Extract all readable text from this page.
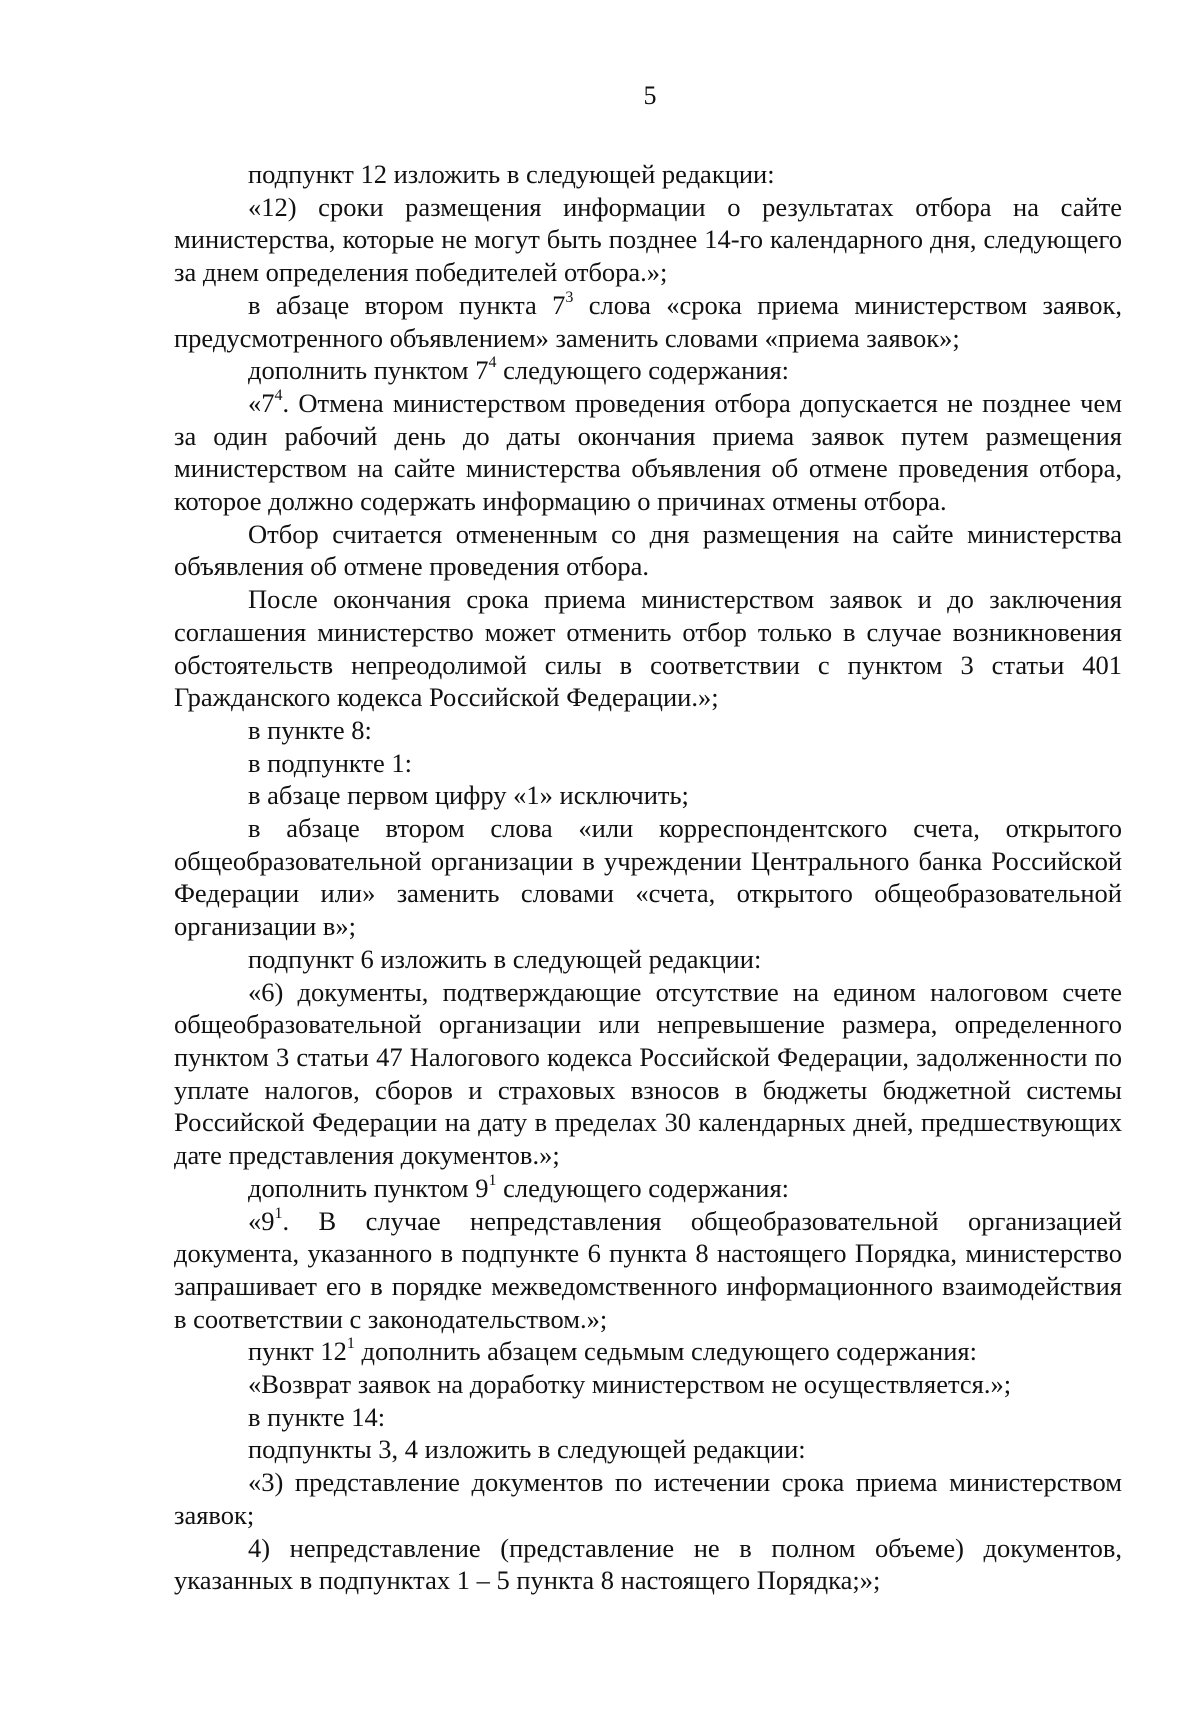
5

подпункт 12 изложить в следующей редакции:

«12) сроки размещения информации о результатах отбора на сайте министерства, которые не могут быть позднее 14-го календарного дня, следующего за днем определения победителей отбора.»;

в абзаце втором пункта $7^3$ слова «срока приема министерством заявок, предусмотренного объявлением» заменить словами «приема заявок»;

дополнить пунктом $7^4$ следующего содержания:

«$7^4$. Отмена министерством проведения отбора допускается не позднее чем за один рабочий день до даты окончания приема заявок путем размещения министерством на сайте министерства объявления об отмене проведения отбора, которое должно содержать информацию о причинах отмены отбора.

Отбор считается отмененным со дня размещения на сайте министерства объявления об отмене проведения отбора.

После окончания срока приема министерством заявок и до заключения соглашения министерство может отменить отбор только в случае возникновения обстоятельств непреодолимой силы в соответствии с пунктом 3 статьи 401 Гражданского кодекса Российской Федерации.»;

в пункте 8:

в подпункте 1:

в абзаце первом цифру «1» исключить;

в абзаце втором слова «или корреспондентского счета, открытого общеобразовательной организации в учреждении Центрального банка Российской Федерации или» заменить словами «счета, открытого общеобразовательной организации в»;

подпункт 6 изложить в следующей редакции:

«6) документы, подтверждающие отсутствие на едином налоговом счете общеобразовательной организации или непревышение размера, определенного пунктом 3 статьи 47 Налогового кодекса Российской Федерации, задолженности по уплате налогов, сборов и страховых взносов в бюджеты бюджетной системы Российской Федерации на дату в пределах 30 календарных дней, предшествующих дате представления документов.»;

дополнить пунктом $9^1$ следующего содержания:

«$9^1$. В случае непредставления общеобразовательной организацией документа, указанного в подпункте 6 пункта 8 настоящего Порядка, министерство запрашивает его в порядке межведомственного информационного взаимодействия в соответствии с законодательством.»;

пункт $12^1$ дополнить абзацем седьмым следующего содержания:

«Возврат заявок на доработку министерством не осуществляется.»;

в пункте 14:

подпункты 3, 4 изложить в следующей редакции:

«3) представление документов по истечении срока приема министерством заявок;

4) непредставление (представление не в полном объеме) документов, указанных в подпунктах 1 – 5 пункта 8 настоящего Порядка;»;
